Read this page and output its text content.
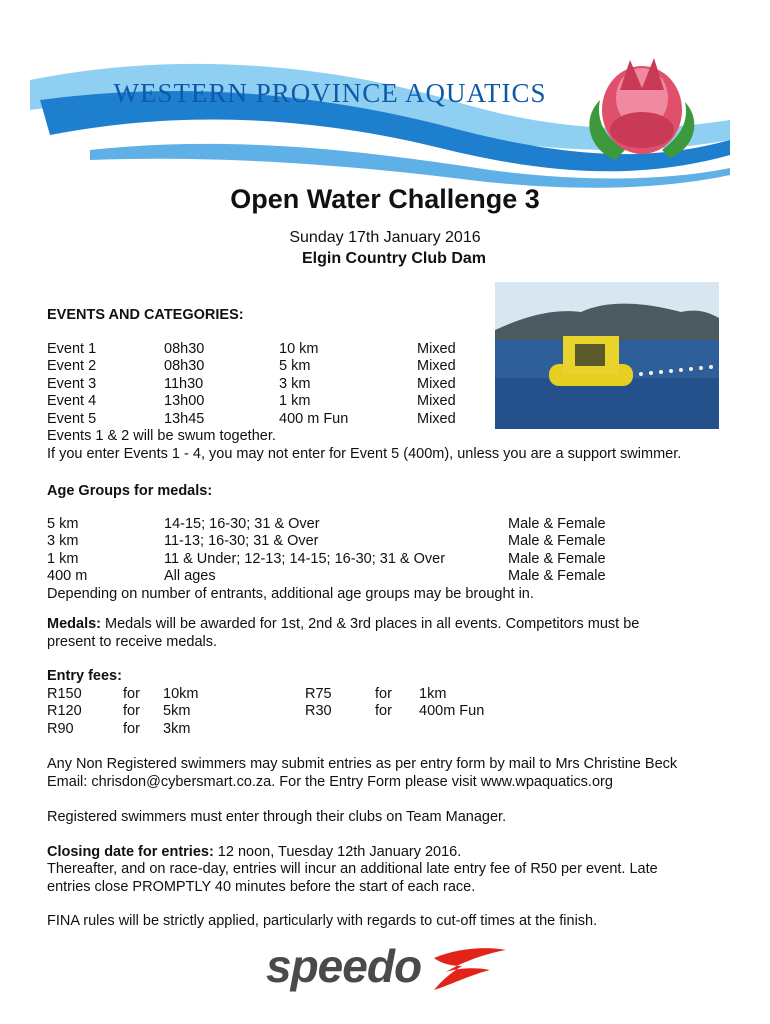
WESTERN PROVINCE AQUATICS
Open Water Challenge 3
Sunday 17th January 2016
Elgin Country Club Dam
EVENTS AND CATEGORIES:
Event 1	08h30	10 km	Mixed
Event 2	08h30	5 km	Mixed
Event 3	11h30	3 km	Mixed
Event 4	13h00	1 km	Mixed
Event 5	13h45	400 m Fun	Mixed
Events 1 & 2 will be swum together.
If you enter Events 1 - 4, you may not enter for Event 5 (400m), unless you are a support swimmer.
Age Groups for medals:
5 km	14-15; 16-30; 31 & Over	Male & Female
3 km	11-13; 16-30; 31 & Over	Male & Female
1 km	11 & Under; 12-13; 14-15; 16-30; 31 & Over	Male & Female
400 m	All ages	Male & Female
Depending on number of entrants, additional age groups may be brought in.
Medals: Medals will be awarded for 1st, 2nd & 3rd places in all events. Competitors must be
present to receive medals.
Entry fees:
R150	for 10km	R75	for 1km
R120	for 5km	R30	for 400m Fun
R90	for 3km
Any Non Registered swimmers may submit entries as per entry form by mail to Mrs Christine Beck
Email: chrisdon@cybersmart.co.za. For the Entry Form please visit www.wpaquatics.org
Registered swimmers must enter through their clubs on Team Manager.
Closing date for entries: 12 noon, Tuesday 12th January 2016.
Thereafter, and on race-day, entries will incur an additional late entry fee of R50 per event. Late
entries close PROMPTLY 40 minutes before the start of each race.
FINA rules will be strictly applied, particularly with regards to cut-off times at the finish.
speedo
